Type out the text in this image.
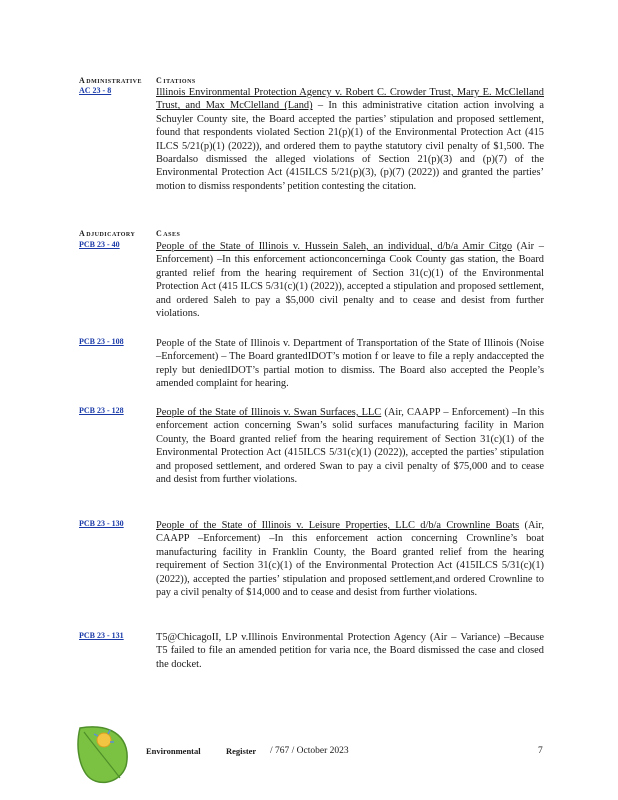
ADMINISTRATIVE CITATIONS
AC 23 - 8	Illinois Environmental Protection Agency v. Robert C. Crowder Trust, Mary E. McClelland Trust, and Max McClelland (Land) – In this administrative citation action involving a Schuyler County site, the Board accepted the parties’ stipulation and proposed settlement, found that respondents violated Section 21(p)(1) of the Environmental Protection Act (415 ILCS 5/21(p)(1) (2022)), and ordered them to paythe statutory civil penalty of $1,500. The Boardalso dismissed the alleged violations of Section 21(p)(3) and (p)(7) of the Environmental Protection Act (415ILCS 5/21(p)(3), (p)(7) (2022)) and granted the parties’ motion to dismiss respondents’ petition contesting the citation.
ADJUDICATORY	CASES
PCB 23 - 40	People of the State of Illinois v. Hussein Saleh, an individual, d/b/a Amir Citgo (Air –Enforcement) –In this enforcement actionconcerninga Cook County gas station, the Board granted relief from the hearing requirement of Section 31(c)(1) of the Environmental Protection Act (415 ILCS 5/31(c)(1) (2022)), accepted a stipulation and proposed settlement, and ordered Saleh to pay a $5,000 civil penalty and to cease and desist from further violations.
PCB 23 - 108	People of the State of Illinois v. Department of Transportation of the State of Illinois (Noise –Enforcement) – The Board grantedIDOT’s motion f or leave to file a reply andaccepted the reply but deniedIDOT’s partial motion to dismiss. The Board also accepted the People’s amended complaint for hearing.
PCB 23 - 128	People of the State of Illinois v. Swan Surfaces, LLC (Air, CAAPP – Enforcement) –In this enforcement action concerning Swan’s solid surfaces manufacturing facility in Marion County, the Board granted relief from the hearing requirement of Section 31(c)(1) of the Environmental Protection Act (415ILCS 5/31(c)(1) (2022)), accepted the parties’ stipulation and proposed settlement, and ordered Swan to pay a civil penalty of $75,000 and to cease and desist from further violations.
PCB 23 - 130	People of the State of Illinois v. Leisure Properties, LLC d/b/a Crownline Boats (Air, CAAPP –Enforcement) –In this enforcement action concerning Crownline’s boat manufacturing facility in Franklin County, the Board granted relief from the hearing requirement of Section 31(c)(1) of the Environmental Protection Act (415ILCS 5/31(c)(1) (2022)), accepted the parties’ stipulation and proposed settlement,and ordered Crownline to pay a civil penalty of $14,000 and to cease and desist from further violations.
PCB 23 - 131	T5@ChicagoII, LP v.Illinois Environmental Protection Agency (Air – Variance) –Because T5 failed to file an amended petition for varia nce, the Board dismissed the case and closed the docket.
Environmental	Register / 767 / October 2023	7
